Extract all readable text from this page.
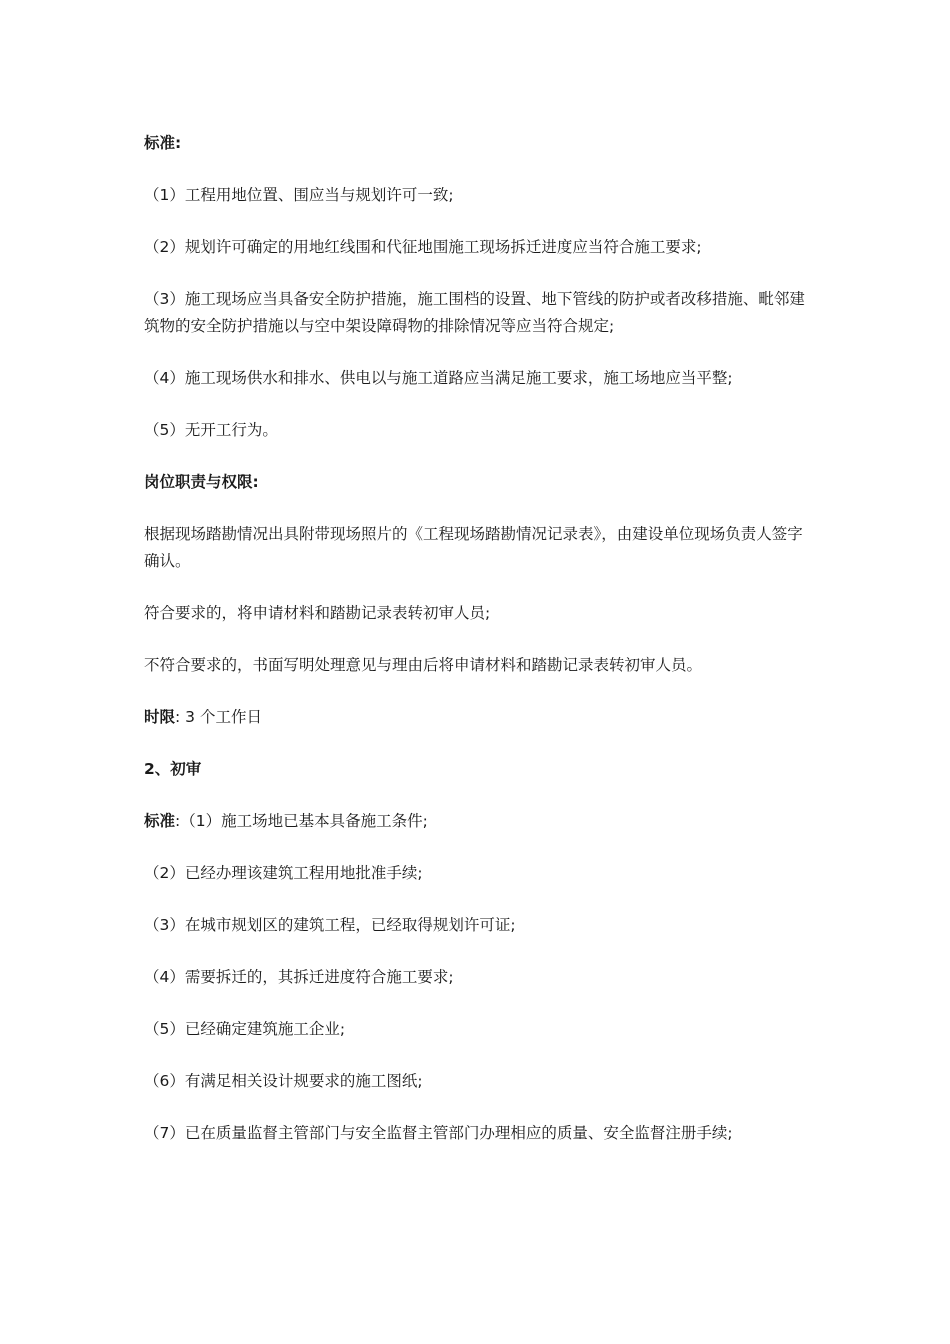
标准:

（1）工程用地位置、围应当与规划许可一致;

（2）规划许可确定的用地红线围和代征地围施工现场拆迁进度应当符合施工要求;

（3）施工现场应当具备安全防护措施，施工围档的设置、地下管线的防护或者改移措施、毗邻建筑物的安全防护措施以与空中架设障碍物的排除情况等应当符合规定;

（4）施工现场供水和排水、供电以与施工道路应当满足施工要求，施工场地应当平整;

（5）无开工行为。

岗位职责与权限:

根据现场踏勘情况出具附带现场照片的《工程现场踏勘情况记录表》，由建设单位现场负责人签字确认。

符合要求的，将申请材料和踏勘记录表转初审人员;

不符合要求的，书面写明处理意见与理由后将申请材料和踏勘记录表转初审人员。

时限: 3 个工作日

2、初审

标准:（1）施工场地已基本具备施工条件;

（2）已经办理该建筑工程用地批准手续;

（3）在城市规划区的建筑工程，已经取得规划许可证;

（4）需要拆迁的，其拆迁进度符合施工要求;

（5）已经确定建筑施工企业;

（6）有满足相关设计规要求的施工图纸;

（7）已在质量监督主管部门与安全监督主管部门办理相应的质量、安全监督注册手续;
